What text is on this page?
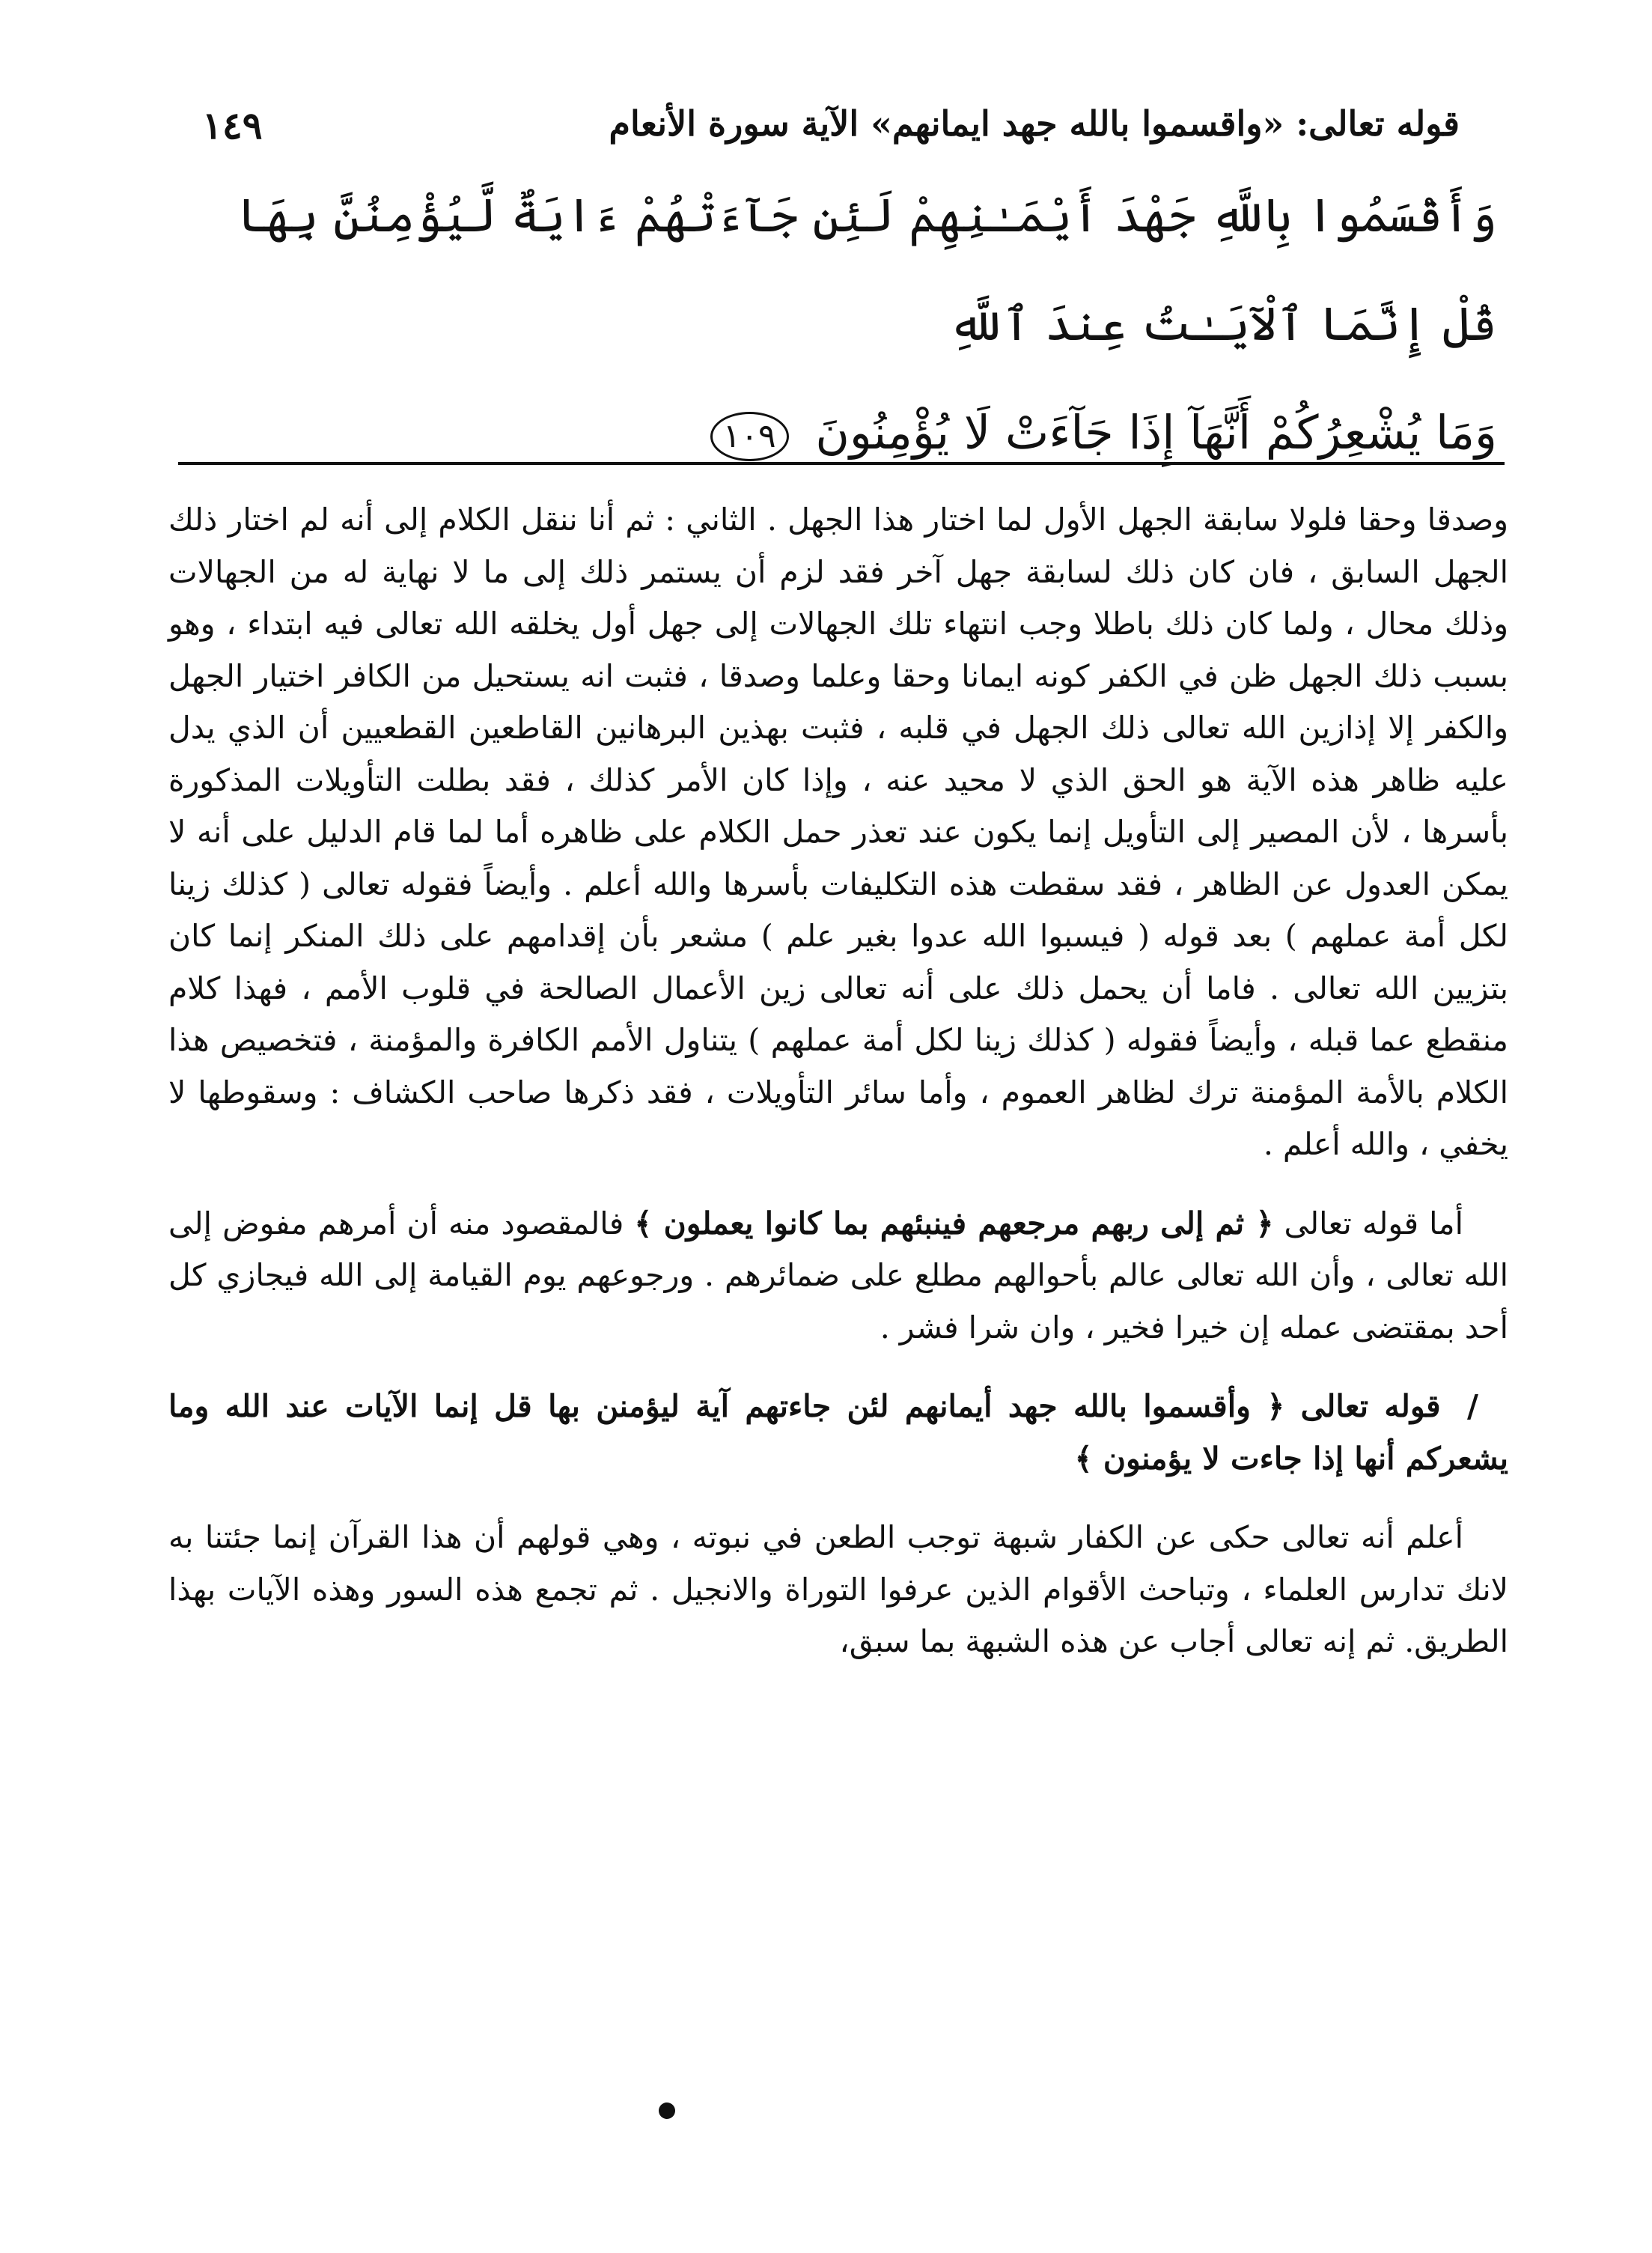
قوله تعالى: «واقسموا بالله جهد ايمانهم» الآية سورة الأنعام
١٤٩
وَأَقْسَمُوا بِاللَّهِ جَهْدَ أَيْمَـٰنِهِمْ لَئِن جَآءَتْهُمْ ءَايَةٌ لَّيُؤْمِنُنَّ بِهَا قُلْ إِنَّمَا ٱلْآيَـٰتُ عِندَ ٱللَّهِ
وَمَا يُشْعِرُكُمْ أَنَّهَآ إِذَا جَآءَتْ لَا يُؤْمِنُونَ ١٠٩

وصدقا وحقا فلولا سابقة الجهل الأول لما اختار هذا الجهل . الثاني : ثم أنا ننقل الكلام إلى أنه لم اختار ذلك الجهل السابق ، فان كان ذلك لسابقة جهل آخر فقد لزم أن يستمر ذلك إلى ما لا نهاية له من الجهالات وذلك محال ، ولما كان ذلك باطلا وجب انتهاء تلك الجهالات إلى جهل أول يخلقه الله تعالى فيه ابتداء ، وهو بسبب ذلك الجهل ظن في الكفر كونه ايمانا وحقا وعلما وصدقا ، فثبت انه يستحيل من الكافر اختيار الجهل والكفر إلا إذازين الله تعالى ذلك الجهل في قلبه ، فثبت بهذين البرهانين القاطعين القطعيين أن الذي يدل عليه ظاهر هذه الآية هو الحق الذي لا محيد عنه ، وإذا كان الأمر كذلك ، فقد بطلت التأويلات المذكورة بأسرها ، لأن المصير إلى التأويل إنما يكون عند تعذر حمل الكلام على ظاهره أما لما قام الدليل على أنه لا يمكن العدول عن الظاهر ، فقد سقطت هذه التكليفات بأسرها والله أعلم . وأيضاً فقوله تعالى ( كذلك زينا لكل أمة عملهم ) بعد قوله ( فيسبوا الله عدوا بغير علم ) مشعر بأن إقدامهم على ذلك المنكر إنما كان بتزيين الله تعالى . فاما أن يحمل ذلك على أنه تعالى زين الأعمال الصالحة في قلوب الأمم ، فهذا كلام منقطع عما قبله ، وأيضاً فقوله ( كذلك زينا لكل أمة عملهم ) يتناول الأمم الكافرة والمؤمنة ، فتخصيص هذا الكلام بالأمة المؤمنة ترك لظاهر العموم ، وأما سائر التأويلات ، فقد ذكرها صاحب الكشاف : وسقوطها لا يخفي ، والله أعلم .

أما قوله تعالى ﴿ ثم إلى ربهم مرجعهم فينبئهم بما كانوا يعملون ﴾ فالمقصود منه أن أمرهم مفوض إلى الله تعالى ، وأن الله تعالى عالم بأحوالهم مطلع على ضمائرهم . ورجوعهم يوم القيامة إلى الله فيجازي كل أحد بمقتضى عمله إن خيرا فخير ، وان شرا فشر .

/ قوله تعالى ﴿ وأقسموا بالله جهد أيمانهم لئن جاءتهم آية ليؤمنن بها قل إنما الآيات عند الله وما يشعركم أنها إذا جاءت لا يؤمنون ﴾

أعلم أنه تعالى حكى عن الكفار شبهة توجب الطعن في نبوته ، وهي قولهم أن هذا القرآن إنما جئتنا به لانك تدارس العلماء ، وتباحث الأقوام الذين عرفوا التوراة والانجيل . ثم تجمع هذه السور وهذه الآيات بهذا الطريق. ثم إنه تعالى أجاب عن هذه الشبهة بما سبق،
